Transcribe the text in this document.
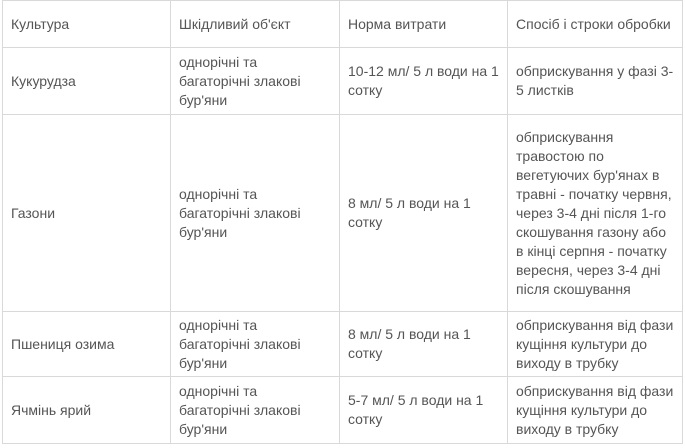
Культура	Шкідливий об'єкт	Норма витрати	Спосіб і строки обробки
Кукурудза	однорічні та багаторічні злакові бур'яни	10-12 мл/ 5 л води на 1 сотку	обприскування у фазі 3-5 листків
Газони	однорічні та багаторічні злакові бур'яни	8 мл/ 5 л води на 1 сотку	обприскування травостою по вегетуючих бур'янах в травні - початку червня, через 3-4 дні після 1-го скошування газону або в кінці серпня - початку вересня, через 3-4 дні після скошування
Пшениця озима	однорічні та багаторічні злакові бур'яни	8 мл/ 5 л води на 1 сотку	обприскування від фази кущіння культури до виходу в трубку
Ячмінь ярий	однорічні та багаторічні злакові бур'яни	5-7 мл/ 5 л води на 1 сотку	обприскування від фази кущіння культури до виходу в трубку
